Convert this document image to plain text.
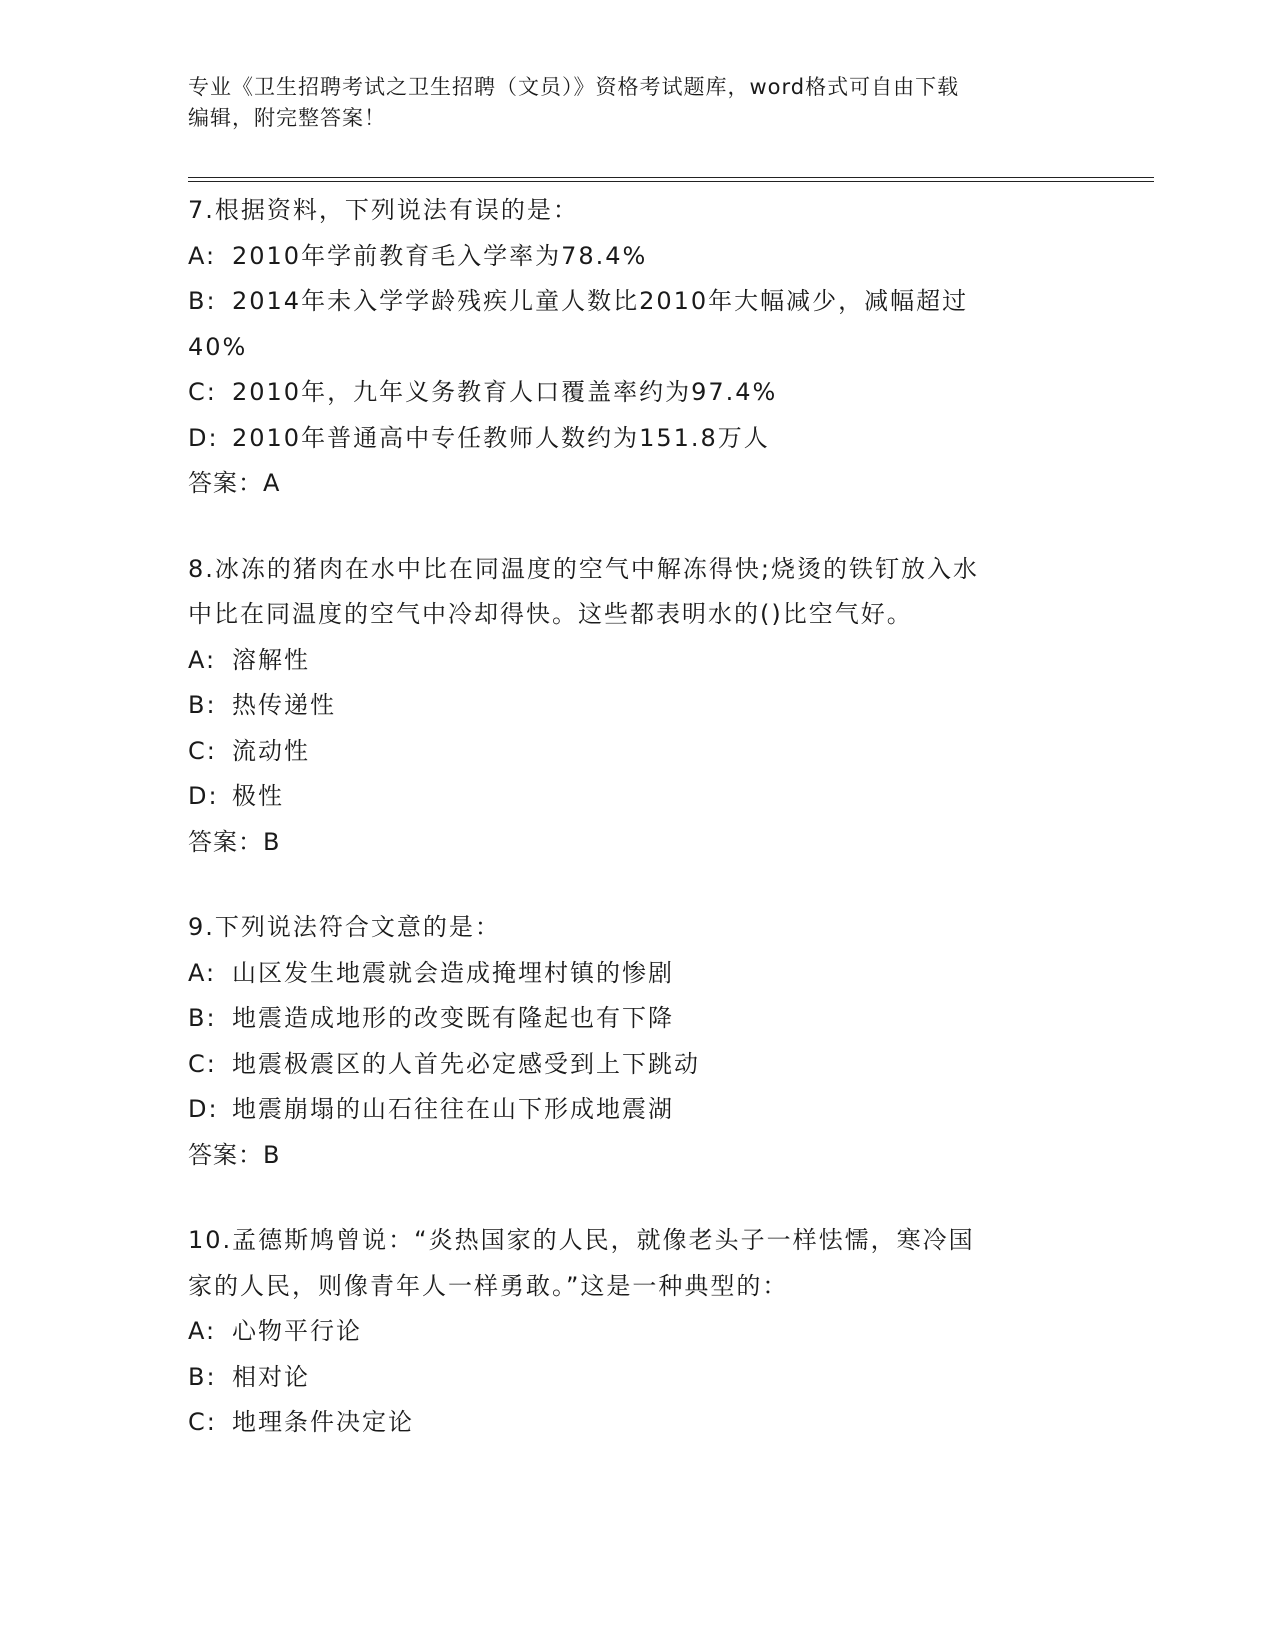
专业《卫生招聘考试之卫生招聘（文员）》资格考试题库，word格式可自由下载
编辑，附完整答案！
7.根据资料，下列说法有误的是：
A: 2010年学前教育毛入学率为78.4%
B: 2014年未入学学龄残疾儿童人数比2010年大幅减少，减幅超过
40%
C: 2010年，九年义务教育人口覆盖率约为97.4%
D: 2010年普通高中专任教师人数约为151.8万人
答案：A
8.冰冻的猪肉在水中比在同温度的空气中解冻得快;烧烫的铁钉放入水
中比在同温度的空气中冷却得快。这些都表明水的()比空气好。
A: 溶解性
B: 热传递性
C: 流动性
D: 极性
答案：B
9.下列说法符合文意的是：
A: 山区发生地震就会造成掩埋村镇的惨剧
B: 地震造成地形的改变既有隆起也有下降
C: 地震极震区的人首先必定感受到上下跳动
D: 地震崩塌的山石往往在山下形成地震湖
答案：B
10.孟德斯鸠曾说：“炎热国家的人民，就像老头子一样怯懦，寒冷国
家的人民，则像青年人一样勇敢。”这是一种典型的：
A: 心物平行论
B: 相对论
C: 地理条件决定论
